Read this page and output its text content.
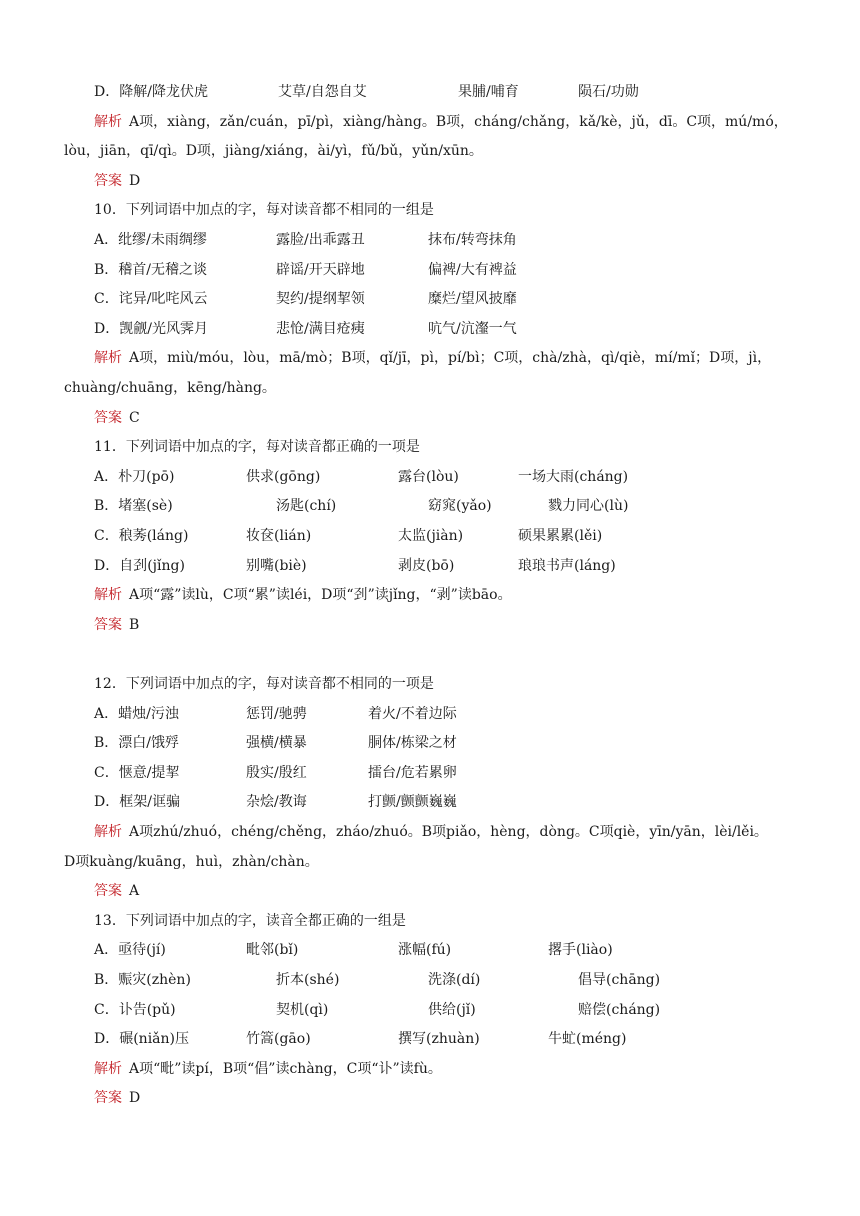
D．降解/降龙伏虎	艾草/自怨自艾	果脯/哺育	陨石/功勋
解析  A项，xiàng，zǎn/cuán，pī/pì，xiàng/hàng。B项，cháng/chǎng，kǎ/kè，jǔ，dī。C项，mú/mó，
lòu，jiān，qī/qì。D项，jiàng/xiáng，ài/yì，fǔ/bǔ，yǔn/xūn。
答案  D
10．下列词语中加点的字，每对读音都不相同的一组是
A．纰缪/未雨绸缪	露脸/出乖露丑	抹布/转弯抹角
B．稽首/无稽之谈	辟谣/开天辟地	偏裨/大有裨益
C．诧异/叱咤风云	契约/提纲挈领	糜烂/望风披靡
D．觊觎/光风霁月	悲怆/满目疮痍	吭气/沆瀣一气
解析  A项，miù/móu，lòu，mā/mò；B项，qǐ/jī，pì，pí/bì；C项，chà/zhà，qì/qiè，mí/mǐ；D项，jì，
chuàng/chuāng，kēng/hàng。
答案  C
11．下列词语中加点的字，每对读音都正确的一项是
A．朴刀(pō)	供求(gōng)	露台(lòu)	一场大雨(cháng)
B．堵塞(sè)	汤匙(chí)	窈窕(yǎo)	戮力同心(lù)
C．稂莠(láng)	妆奁(lián)	太监(jiàn)	硕果累累(lěi)
D．自刭(jǐng)	别嘴(biè)	剥皮(bō)	琅琅书声(láng)
解析  A项“露”读lù，C项“累”读léi，D项“刭”读jǐng，“剥”读bāo。
答案  B
12．下列词语中加点的字，每对读音都不相同的一项是
A．蜡烛/污浊	惩罚/驰骋	着火/不着边际
B．漂白/饿殍	强横/横暴	胴体/栋梁之材
C．惬意/提挈	殷实/殷红	擂台/危若累卵
D．框架/诓骗	杂烩/教诲	打颤/颤颤巍巍
解析  A项zhú/zhuó，chéng/chěng，zháo/zhuó。B项piǎo，hèng，dòng。C项qiè，yīn/yān，lèi/lěi。
D项kuàng/kuāng，huì，zhàn/chàn。
答案  A
13．下列词语中加点的字，读音全都正确的一组是
A．亟待(jí)	毗邻(bǐ)	涨幅(fú)	撂手(liào)
B．赈灾(zhèn)	折本(shé)	洗涤(dí)	倡导(chāng)
C．讣告(pǔ)	契机(qì)	供给(jǐ)	赔偿(cháng)
D．碾(niǎn)压	竹篙(gāo)	撰写(zhuàn)	牛虻(méng)
解析  A项“毗”读pí，B项“倡”读chàng，C项“讣”读fù。
答案  D
